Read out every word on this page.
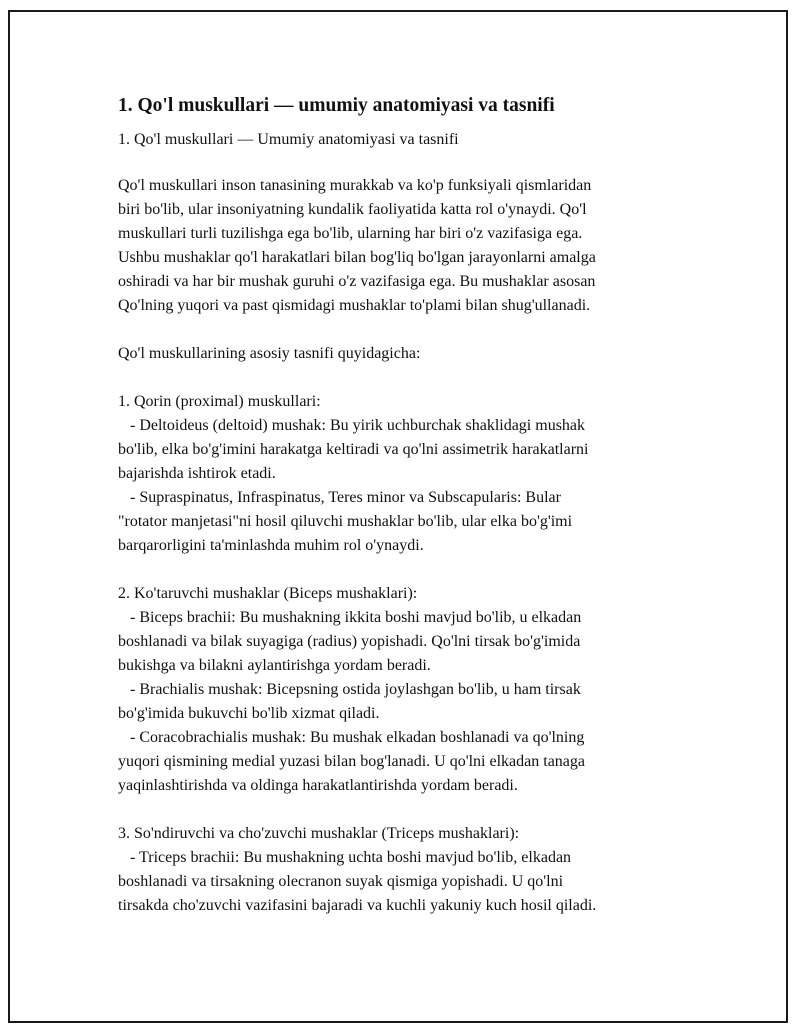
1. Qo'l muskullari — umumiy anatomiyasi va tasnifi
1. Qo'l muskullari — Umumiy anatomiyasi va tasnifi
Qo'l muskullari inson tanasining murakkab va ko'p funksiyali qismlaridan
biri bo'lib, ular insoniyatning kundalik faoliyatida katta rol o'ynaydi. Qo'l
muskullari turli tuzilishga ega bo'lib, ularning har biri o'z vazifasiga ega.
Ushbu mushaklar qo'l harakatlari bilan bog'liq bo'lgan jarayonlarni amalga
oshiradi va har bir mushak guruhi o'z vazifasiga ega. Bu mushaklar asosan
Qo'lning yuqori va past qismidagi mushaklar to'plami bilan shug'ullanadi.
Qo'l muskullarining asosiy tasnifi quyidagicha:
1. Qorin (proximal) muskullari:
- Deltoideus (deltoid) mushak: Bu yirik uchburchak shaklidagi mushak
bo'lib, elka bo'g'imini harakatga keltiradi va qo'lni assimetrik harakatlarni
bajarishda ishtirok etadi.
- Supraspinatus, Infraspinatus, Teres minor va Subscapularis: Bular
"rotator manjetasi"ni hosil qiluvchi mushaklar bo'lib, ular elka bo'g'imi
barqarorligini ta'minlashda muhim rol o'ynaydi.
2. Ko'taruvchi mushaklar (Biceps mushaklari):
- Biceps brachii: Bu mushakning ikkita boshi mavjud bo'lib, u elkadan
boshlanadi va bilak suyagiga (radius) yopishadi. Qo'lni tirsak bo'g'imida
bukishga va bilakni aylantirishga yordam beradi.
- Brachialis mushak: Bicepsning ostida joylashgan bo'lib, u ham tirsak
bo'g'imida bukuvchi bo'lib xizmat qiladi.
- Coracobrachialis mushak: Bu mushak elkadan boshlanadi va qo'lning
yuqori qismining medial yuzasi bilan bog'lanadi. U qo'lni elkadan tanaga
yaqinlashtirishda va oldinga harakatlantirishda yordam beradi.
3. So'ndiruvchi va cho'zuvchi mushaklar (Triceps mushaklari):
- Triceps brachii: Bu mushakning uchta boshi mavjud bo'lib, elkadan
boshlanadi va tirsakning olecranon suyak qismiga yopishadi. U qo'lni
tirsakda cho'zuvchi vazifasini bajaradi va kuchli yakuniy kuch hosil qiladi.
